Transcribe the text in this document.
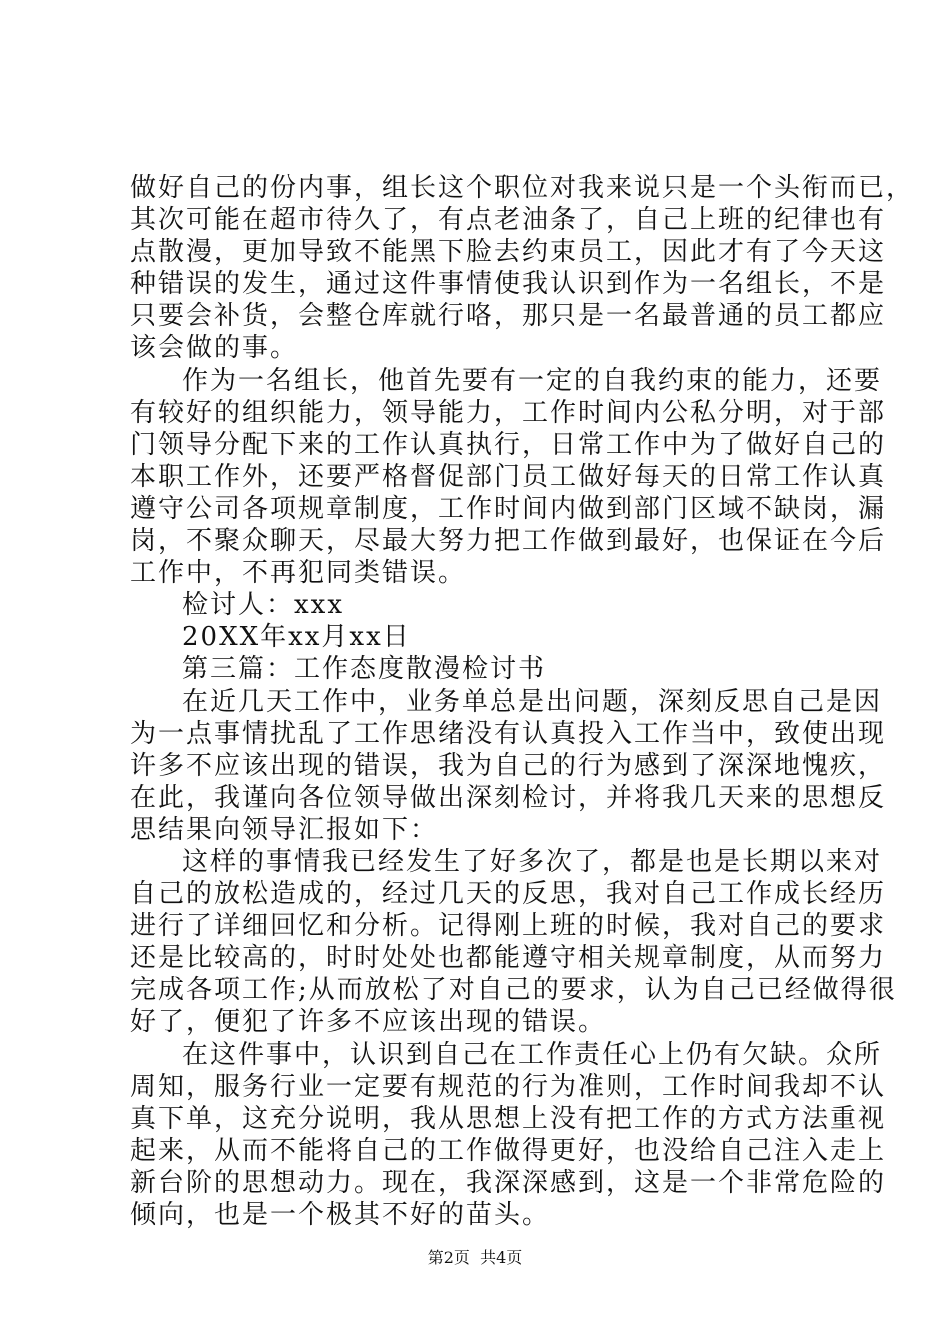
做好自己的份内事，组长这个职位对我来说只是一个头衔而已，
其次可能在超市待久了，有点老油条了，自己上班的纪律也有
点散漫，更加导致不能黑下脸去约束员工，因此才有了今天这
种错误的发生，通过这件事情使我认识到作为一名组长，不是
只要会补货，会整仓库就行咯，那只是一名最普通的员工都应
该会做的事。
作为一名组长，他首先要有一定的自我约束的能力，还要
有较好的组织能力，领导能力，工作时间内公私分明，对于部
门领导分配下来的工作认真执行，日常工作中为了做好自己的
本职工作外，还要严格督促部门员工做好每天的日常工作认真
遵守公司各项规章制度，工作时间内做到部门区域不缺岗，漏
岗，不聚众聊天，尽最大努力把工作做到最好，也保证在今后
工作中，不再犯同类错误。
检讨人：xxx
20XX年xx月xx日
第三篇：工作态度散漫检讨书
在近几天工作中，业务单总是出问题，深刻反思自己是因
为一点事情扰乱了工作思绪没有认真投入工作当中，致使出现
许多不应该出现的错误，我为自己的行为感到了深深地愧疚，
在此，我谨向各位领导做出深刻检讨，并将我几天来的思想反
思结果向领导汇报如下：
这样的事情我已经发生了好多次了，都是也是长期以来对
自己的放松造成的，经过几天的反思，我对自己工作成长经历
进行了详细回忆和分析。记得刚上班的时候，我对自己的要求
还是比较高的，时时处处也都能遵守相关规章制度，从而努力
完成各项工作;从而放松了对自己的要求，认为自己已经做得很
好了，便犯了许多不应该出现的错误。
在这件事中，认识到自己在工作责任心上仍有欠缺。众所
周知，服务行业一定要有规范的行为准则，工作时间我却不认
真下单，这充分说明，我从思想上没有把工作的方式方法重视
起来，从而不能将自己的工作做得更好，也没给自己注入走上
新台阶的思想动力。现在，我深深感到，这是一个非常危险的
倾向，也是一个极其不好的苗头。
第2页  共4页
